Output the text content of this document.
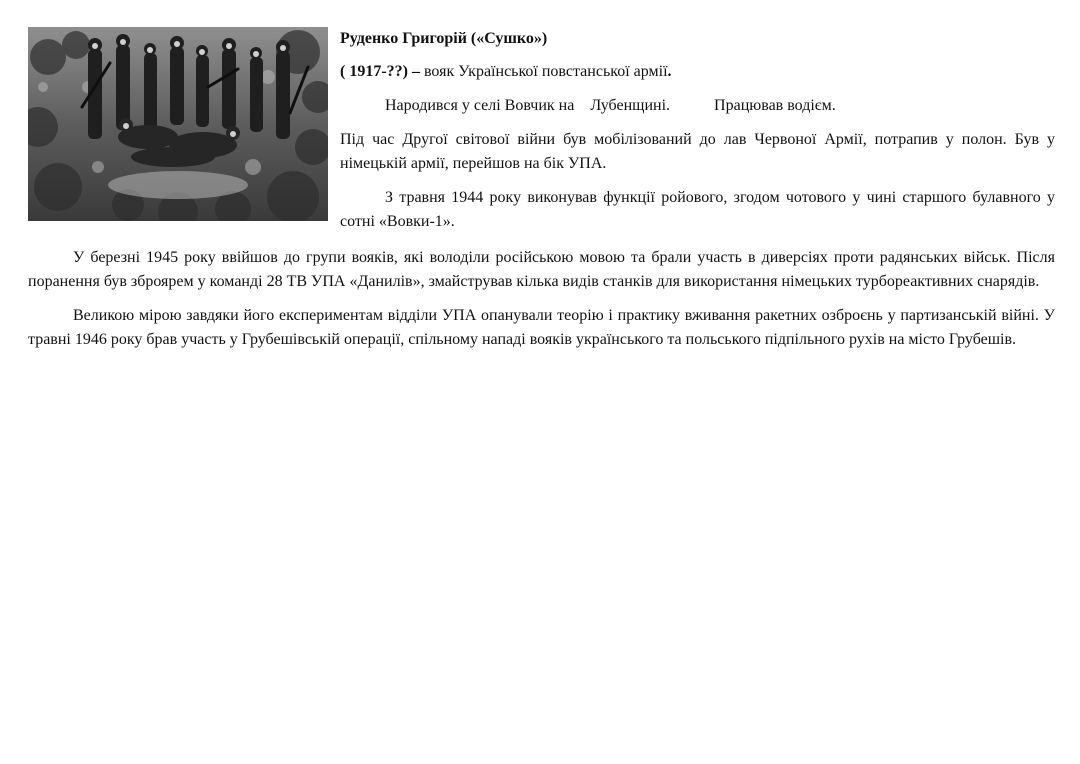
Руденко Григорій («Сушко»)

( 1917-??) – вояк Української повстанської армії.

Народився у селі Вовчик на Лубенщині.	Працював водієм.

Під час Другої світової війни був мобілізований до лав Червоної Армії, потрапив у полон. Був у німецькій армії, перейшов на бік УПА.

З травня 1944 року виконував функції ройового, згодом чотового у чині старшого булавного у сотні «Вовки-1».

У березні 1945 року ввійшов до групи вояків, які володіли російською мовою та брали участь в диверсіях проти радянських військ. Після поранення був зброярем у команді 28 ТВ УПА «Данилів», змайстрував кілька видів станків для використання німецьких турбореактивних снарядів.

Великою мірою завдяки його експериментам відділи УПА опанували теорію і практику вживання ракетних озброєнь у партизанській війні. У травні 1946 року брав участь у Грубешівській операції, спільному нападі вояків українського та польського підпільного рухів на місто Грубешів.
